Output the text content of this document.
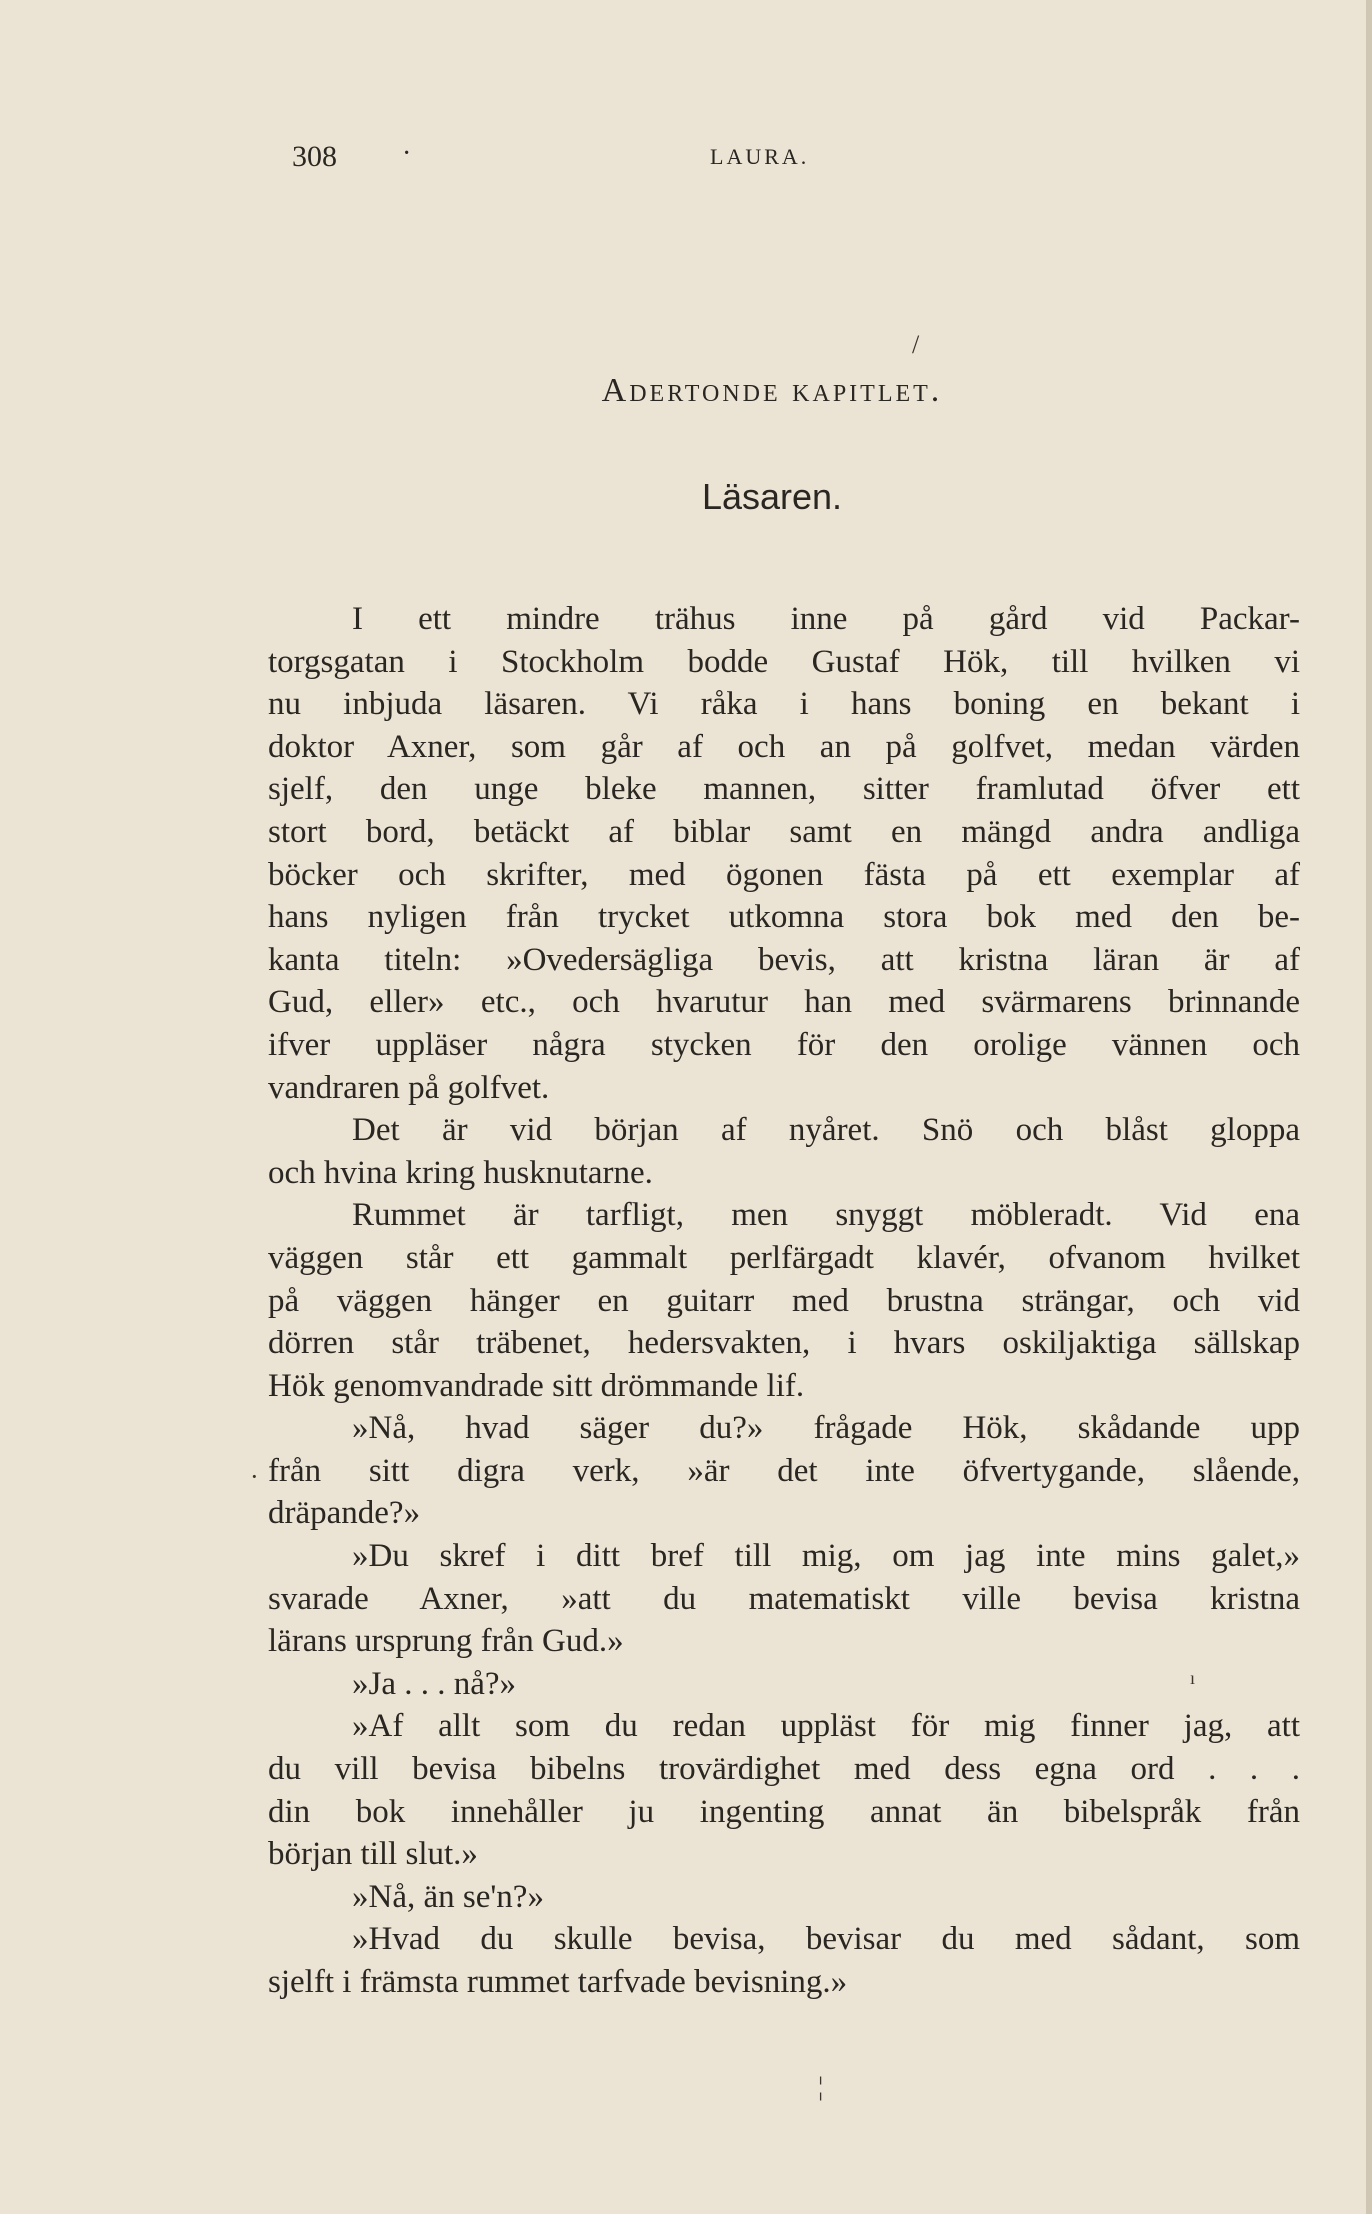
308 ·	LAURA.
/
Adertonde kapitlet.
Läsaren.
·
ı
¦
I ett mindre trähus inne på gård vid Packar-
torgsgatan i Stockholm bodde Gustaf Hök, till hvilken vi
nu inbjuda läsaren. Vi råka i hans boning en bekant i
doktor Axner, som går af och an på golfvet, medan värden
sjelf, den unge bleke mannen, sitter framlutad öfver ett
stort bord, betäckt af biblar samt en mängd andra andliga
böcker och skrifter, med ögonen fästa på ett exemplar af
hans nyligen från trycket utkomna stora bok med den be-
kanta titeln: »Ovedersägliga bevis, att kristna läran är af
Gud, eller» etc., och hvarutur han med svärmarens brinnande
ifver uppläser några stycken för den orolige vännen och
vandraren på golfvet.
Det är vid början af nyåret. Snö och blåst gloppa
och hvina kring husknutarne.
Rummet är tarfligt, men snyggt möbleradt. Vid ena
väggen står ett gammalt perlfärgadt klavér, ofvanom hvilket
på väggen hänger en guitarr med brustna strängar, och vid
dörren står träbenet, hedersvakten, i hvars oskiljaktiga sällskap
Hök genomvandrade sitt drömmande lif.
»Nå, hvad säger du?» frågade Hök, skådande upp
från sitt digra verk, »är det inte öfvertygande, slående,
dräpande?»
»Du skref i ditt bref till mig, om jag inte mins galet,»
svarade Axner, »att du matematiskt ville bevisa kristna
lärans ursprung från Gud.»
»Ja . . . nå?»
»Af allt som du redan uppläst för mig finner jag, att
du vill bevisa bibelns trovärdighet med dess egna ord . . .
din bok innehåller ju ingenting annat än bibelspråk från
början till slut.»
»Nå, än se'n?»
»Hvad du skulle bevisa, bevisar du med sådant, som
sjelft i främsta rummet tarfvade bevisning.»
